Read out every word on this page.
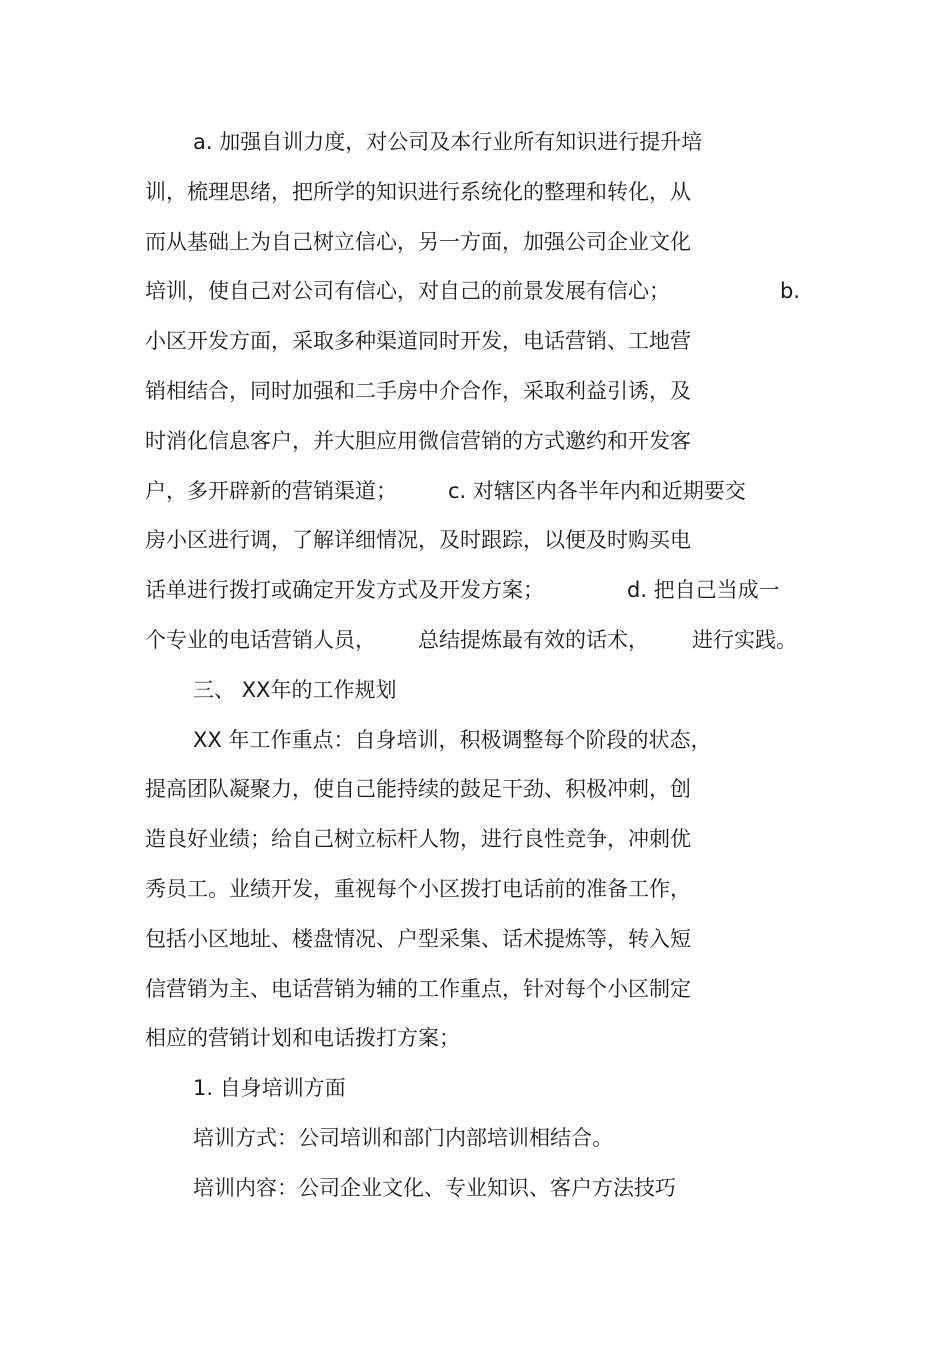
a. 加强自训力度，对公司及本行业所有知识进行提升培
训，梳理思绪，把所学的知识进行系统化的整理和转化，从
而从基础上为自己树立信心，另一方面，加强公司企业文化
培训，使自己对公司有信心，对自己的前景发展有信心；	b.
小区开发方面，采取多种渠道同时开发，电话营销、工地营
销相结合，同时加强和二手房中介合作，采取利益引诱，及
时消化信息客户，并大胆应用微信营销的方式邀约和开发客
户，多开辟新的营销渠道； c. 对辖区内各半年内和近期要交
房小区进行调，了解详细情况，及时跟踪，以便及时购买电
话单进行拨打或确定开发方式及开发方案；	d. 把自己当成一
个专业的电话营销人员， 总结提炼最有效的话术， 进行实践。
三、 XX年的工作规划
XX 年工作重点：自身培训，积极调整每个阶段的状态，
提高团队凝聚力，使自己能持续的鼓足干劲、积极冲刺，创
造良好业绩；给自己树立标杆人物，进行良性竞争，冲刺优
秀员工。业绩开发，重视每个小区拨打电话前的准备工作，
包括小区地址、楼盘情况、户型采集、话术提炼等，转入短
信营销为主、电话营销为辅的工作重点，针对每个小区制定
相应的营销计划和电话拨打方案；
1. 自身培训方面
培训方式：公司培训和部门内部培训相结合。
培训内容：公司企业文化、专业知识、客户方法技巧
